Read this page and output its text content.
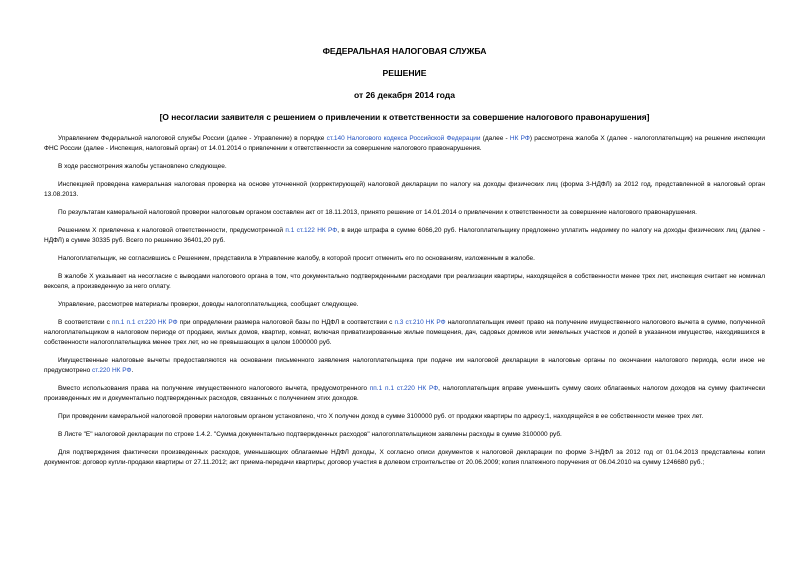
ФЕДЕРАЛЬНАЯ НАЛОГОВАЯ СЛУЖБА
РЕШЕНИЕ
от 26 декабря 2014 года
[О несогласии заявителя с решением о привлечении к ответственности за совершение налогового правонарушения]

Управлением Федеральной налоговой службы России (далее - Управление) в порядке ст.140 Налогового кодекса Российской Федерации (далее - НК РФ) рассмотрена жалоба Х (далее - налогоплательщик) на решение инспекции ФНС России (далее - Инспекция, налоговый орган) от 14.01.2014 о привлечении к ответственности за совершение налогового правонарушения.

В ходе рассмотрения жалобы установлено следующее.

Инспекцией проведена камеральная налоговая проверка на основе уточненной (корректирующей) налоговой декларации по налогу на доходы физических лиц (форма 3-НДФЛ) за 2012 год, представленной в налоговый орган 13.08.2013.

По результатам камеральной налоговой проверки налоговым органом составлен акт от 18.11.2013, принято решение от 14.01.2014 о привлечении к ответственности за совершение налогового правонарушения.

Решением Х привлечена к налоговой ответственности, предусмотренной п.1 ст.122 НК РФ, в виде штрафа в сумме 6066,20 руб. Налогоплательщику предложено уплатить недоимку по налогу на доходы физических лиц (далее - НДФЛ) в сумме 30335 руб. Всего по решению 36401,20 руб.

Налогоплательщик, не согласившись с Решением, представила в Управление жалобу, в которой просит отменить его по основаниям, изложенным в жалобе.

В жалобе Х указывает на несогласие с выводами налогового органа в том, что документально подтвержденными расходами при реализации квартиры, находящейся в собственности менее трех лет, инспекция считает не номинал векселя, а произведенную за него оплату.

Управление, рассмотрев материалы проверки, доводы налогоплательщика, сообщает следующее.

В соответствии с пп.1 п.1 ст.220 НК РФ при определении размера налоговой базы по НДФЛ в соответствии с п.3 ст.210 НК РФ налогоплательщик имеет право на получение имущественного налогового вычета в сумме, полученной налогоплательщиком в налоговом периоде от продажи, жилых домов, квартир, комнат, включая приватизированные жилые помещения, дач, садовых домиков или земельных участков и долей в указанном имуществе, находившихся в собственности налогоплательщика менее трех лет, но не превышающих в целом 1000000 руб.

Имущественные налоговые вычеты предоставляются на основании письменного заявления налогоплательщика при подаче им налоговой декларации в налоговые органы по окончании налогового периода, если иное не предусмотрено ст.220 НК РФ.

Вместо использования права на получение имущественного налогового вычета, предусмотренного пп.1 п.1 ст.220 НК РФ, налогоплательщик вправе уменьшить сумму своих облагаемых налогом доходов на сумму фактически произведенных им и документально подтвержденных расходов, связанных с получением этих доходов.

При проведении камеральной налоговой проверки налоговым органом установлено, что Х получен доход в сумме 3100000 руб. от продажи квартиры по адресу:1, находящейся в ее собственности менее трех лет.

В Листе "Е" налоговой декларации по строке 1.4.2. "Сумма документально подтвержденных расходов" налогоплательщиком заявлены расходы в сумме 3100000 руб.

Для подтверждения фактически произведенных расходов, уменьшающих облагаемые НДФЛ доходы, Х согласно описи документов к налоговой декларации по форме 3-НДФЛ за 2012 год от 01.04.2013 представлены копии документов: договор купли-продажи квартиры от 27.11.2012; акт приема-передачи квартиры; договор участия в долевом строительстве от 20.06.2009; копия платежного поручения от 06.04.2010 на сумму 1246680 руб.;
